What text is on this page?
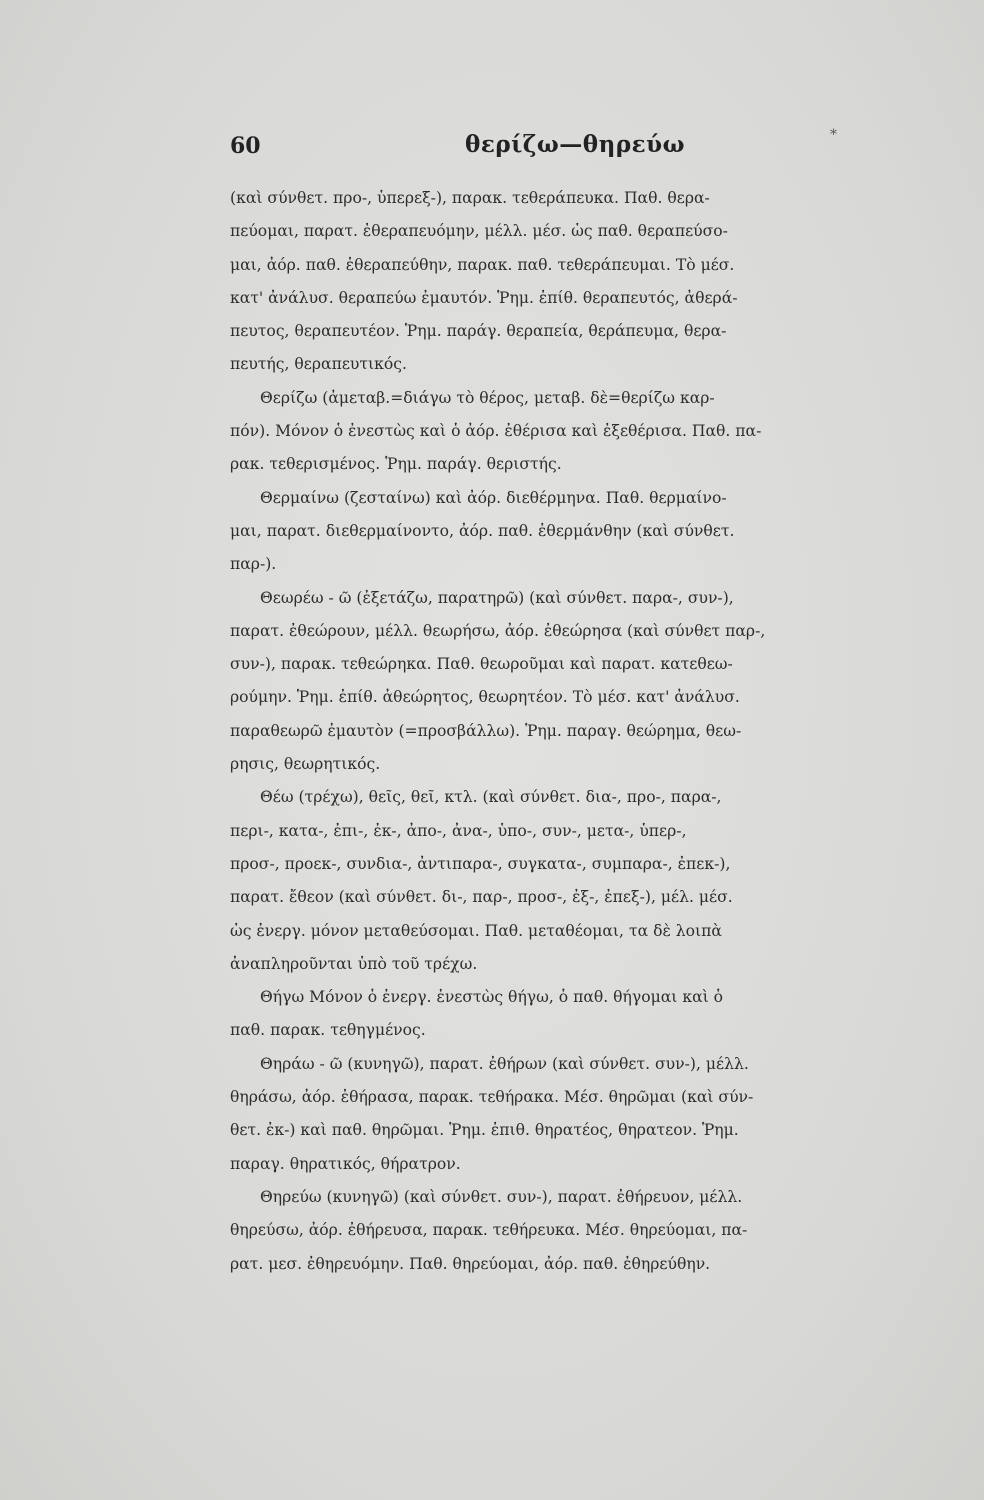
60	θερίζω—θηρεύω	*
(καὶ σύνθετ. προ-, ὑπερεξ-), παρακ. τεθεράπευκα. Παθ. θερα-
πεύομαι, παρατ. ἐθεραπευόμην, μέλλ. μέσ. ὡς παθ. θεραπεύσο-
μαι, ἀόρ. παθ. ἐθεραπεύθην, παρακ. παθ. τεθεράπευμαι. Τὸ μέσ.
κατ' ἀνάλυσ. θεραπεύω ἐμαυτόν. Ῥημ. ἐπίθ. θεραπευτός, ἀθερά-
πευτος, θεραπευτέον. Ῥημ. παράγ. θεραπεία, θεράπευμα, θερα-
πευτής, θεραπευτικός.
Θερίζω (ἀμεταβ.=διάγω τὸ θέρος, μεταβ. δὲ=θερίζω καρ-
πόν). Μόνον ὁ ἐνεστὼς καὶ ὁ ἀόρ. ἐθέρισα καὶ ἐξεθέρισα. Παθ. πα-
ρακ. τεθερισμένος. Ῥημ. παράγ. θεριστής.
Θερμαίνω (ζεσταίνω) καὶ ἀόρ. διεθέρμηνα. Παθ. θερμαίνο-
μαι, παρατ. διεθερμαίνοντο, ἀόρ. παθ. ἐθερμάνθην (καὶ σύνθετ.
παρ-).
Θεωρέω - ῶ (ἐξετάζω, παρατηρῶ) (καὶ σύνθετ. παρα-, συν-),
παρατ. ἐθεώρουν, μέλλ. θεωρήσω, ἀόρ. ἐθεώρησα (καὶ σύνθετ παρ-,
συν-), παρακ. τεθεώρηκα. Παθ. θεωροῦμαι καὶ παρατ. κατεθεω-
ρούμην. Ῥημ. ἐπίθ. ἀθεώρητος, θεωρητέον. Τὸ μέσ. κατ' ἀνάλυσ.
παραθεωρῶ ἐμαυτὸν (=προσβάλλω). Ῥημ. παραγ. θεώρημα, θεω-
ρησις, θεωρητικός.
Θέω (τρέχω), θεῖς, θεῖ, κτλ. (καὶ σύνθετ. δια-, προ-, παρα-,
περι-, κατα-, ἐπι-, ἐκ-, ἀπο-, ἀνα-, ὑπο-, συν-, μετα-, ὑπερ-,
προσ-, προεκ-, συνδια-, ἀντιπαρα-, συγκατα-, συμπαρα-, ἐπεκ-),
παρατ. ἔθεον (καὶ σύνθετ. δι-, παρ-, προσ-, ἐξ-, ἐπεξ-), μέλ. μέσ.
ὡς ἐνεργ. μόνον μεταθεύσομαι. Παθ. μεταθέομαι, τα δὲ λοιπὰ
ἀναπληροῦνται ὑπὸ τοῦ τρέχω.
Θήγω Μόνον ὁ ἐνεργ. ἐνεστὼς θήγω, ὁ παθ. θήγομαι καὶ ὁ
παθ. παρακ. τεθηγμένος.
Θηράω - ῶ (κυνηγῶ), παρατ. ἐθήρων (καὶ σύνθετ. συν-), μέλλ.
θηράσω, ἀόρ. ἐθήρασα, παρακ. τεθήρακα. Μέσ. θηρῶμαι (καὶ σύν-
θετ. ἐκ-) καὶ παθ. θηρῶμαι. Ῥημ. ἐπιθ. θηρατέος, θηρατεον. Ῥημ.
παραγ. θηρατικός, θήρατρον.
Θηρεύω (κυνηγῶ) (καὶ σύνθετ. συν-), παρατ. ἐθήρευον, μέλλ.
θηρεύσω, ἀόρ. ἐθήρευσα, παρακ. τεθήρευκα. Μέσ. θηρεύομαι, πα-
ρατ. μεσ. ἐθηρευόμην. Παθ. θηρεύομαι, ἀόρ. παθ. ἐθηρεύθην.
